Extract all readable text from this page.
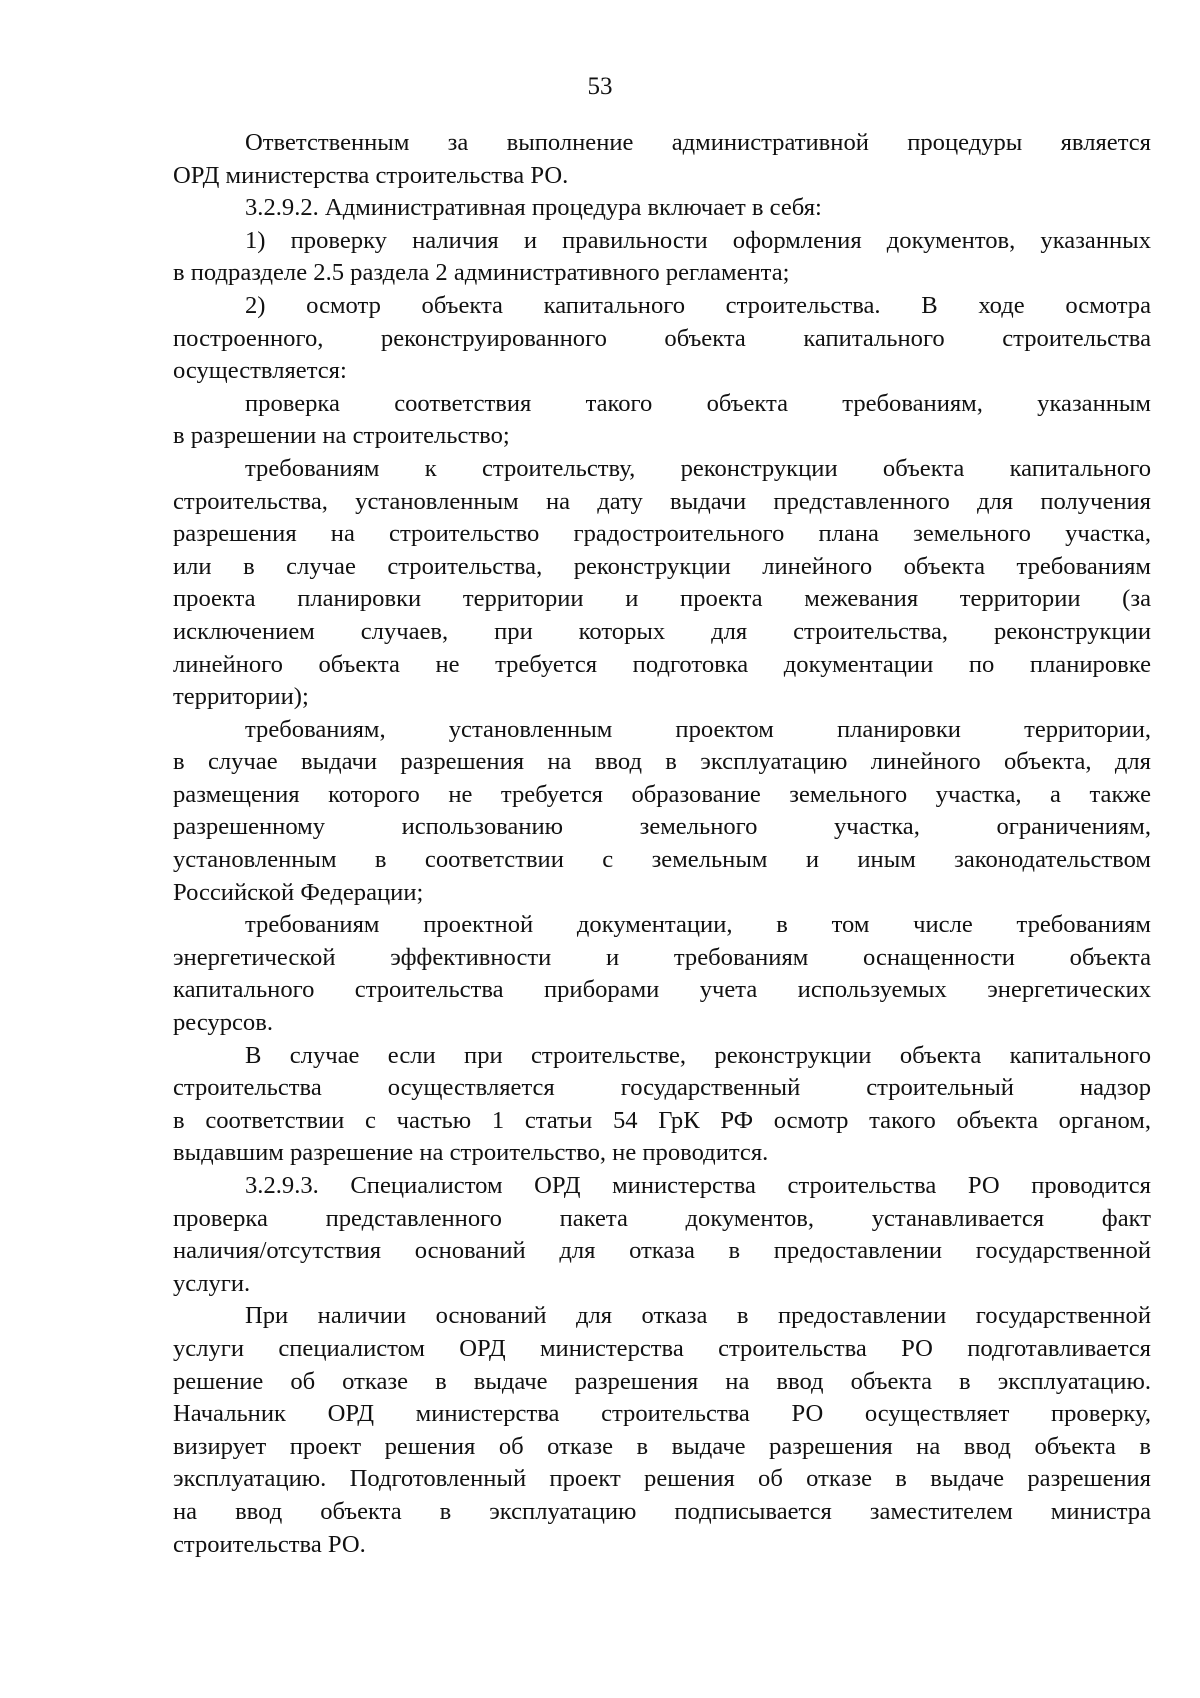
53
Ответственным за выполнение административной процедуры является
ОРД министерства строительства РО.
3.2.9.2. Административная процедура включает в себя:
1) проверку наличия и правильности оформления документов, указанных
в подразделе 2.5 раздела 2 административного регламента;
2) осмотр объекта капитального строительства. В ходе осмотра
построенного, реконструированного объекта капитального строительства
осуществляется:
проверка соответствия такого объекта требованиям, указанным
в разрешении на строительство;
требованиям к строительству, реконструкции объекта капитального
строительства, установленным на дату выдачи представленного для получения
разрешения на строительство градостроительного плана земельного участка,
или в случае строительства, реконструкции линейного объекта требованиям
проекта планировки территории и проекта межевания территории (за
исключением случаев, при которых для строительства, реконструкции
линейного объекта не требуется подготовка документации по планировке
территории);
требованиям, установленным проектом планировки территории,
в случае выдачи разрешения на ввод в эксплуатацию линейного объекта, для
размещения которого не требуется образование земельного участка, а также
разрешенному использованию земельного участка, ограничениям,
установленным в соответствии с земельным и иным законодательством
Российской Федерации;
требованиям проектной документации, в том числе требованиям
энергетической эффективности и требованиям оснащенности объекта
капитального строительства приборами учета используемых энергетических
ресурсов.
В случае если при строительстве, реконструкции объекта капитального
строительства осуществляется государственный строительный надзор
в соответствии с частью 1 статьи 54 ГрК РФ осмотр такого объекта органом,
выдавшим разрешение на строительство, не проводится.
3.2.9.3. Специалистом ОРД министерства строительства РО проводится
проверка представленного пакета документов, устанавливается факт
наличия/отсутствия оснований для отказа в предоставлении государственной
услуги.
При наличии оснований для отказа в предоставлении государственной
услуги специалистом ОРД министерства строительства РО подготавливается
решение об отказе в выдаче разрешения на ввод объекта в эксплуатацию.
Начальник ОРД министерства строительства РО осуществляет проверку,
визирует проект решения об отказе в выдаче разрешения на ввод объекта в
эксплуатацию. Подготовленный проект решения об отказе в выдаче разрешения
на ввод объекта в эксплуатацию подписывается заместителем министра
строительства РО.
